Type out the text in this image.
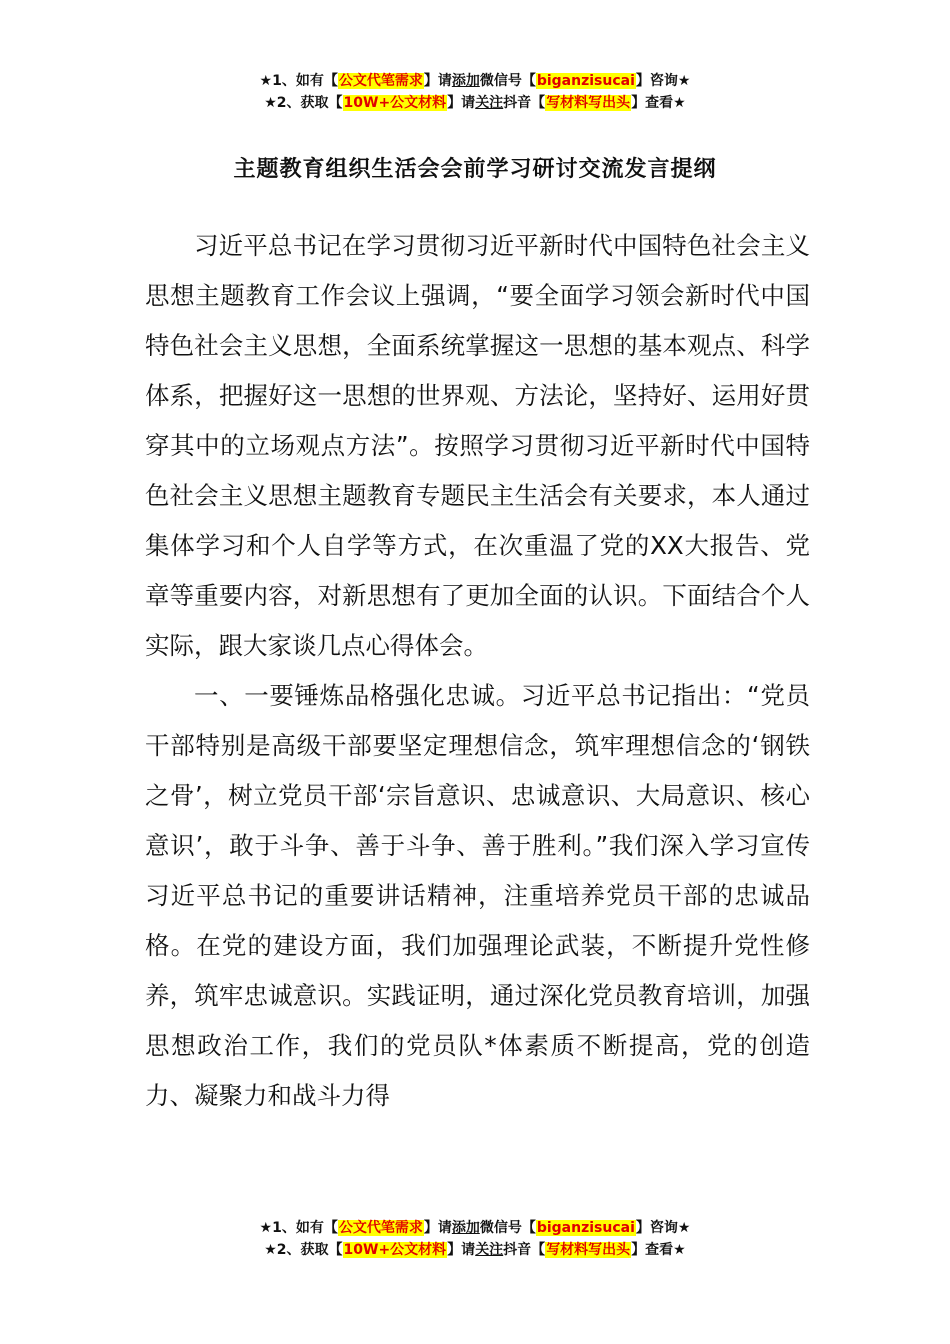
★1、如有【公文代笔需求】请添加微信号【biganzisucai】咨询★
★2、获取【10W+公文材料】请关注抖音【写材料写出头】查看★
主题教育组织生活会会前学习研讨交流发言提纲

习近平总书记在学习贯彻习近平新时代中国特色社会主义思想主题教育工作会议上强调，“要全面学习领会新时代中国特色社会主义思想，全面系统掌握这一思想的基本观点、科学体系，把握好这一思想的世界观、方法论，坚持好、运用好贯穿其中的立场观点方法”。按照学习贯彻习近平新时代中国特色社会主义思想主题教育专题民主生活会有关要求，本人通过集体学习和个人自学等方式，在次重温了党的XX大报告、党章等重要内容，对新思想有了更加全面的认识。下面结合个人实际，跟大家谈几点心得体会。

一、一要锤炼品格强化忠诚。习近平总书记指出：“党员干部特别是高级干部要坚定理想信念，筑牢理想信念的‘钢铁之骨’，树立党员干部‘宗旨意识、忠诚意识、大局意识、核心意识’，敢于斗争、善于斗争、善于胜利。”我们深入学习宣传习近平总书记的重要讲话精神，注重培养党员干部的忠诚品格。在党的建设方面，我们加强理论武装，不断提升党性修养，筑牢忠诚意识。实践证明，通过深化党员教育培训，加强思想政治工作，我们的党员队*体素质不断提高，党的创造力、凝聚力和战斗力得

★1、如有【公文代笔需求】请添加微信号【biganzisucai】咨询★
★2、获取【10W+公文材料】请关注抖音【写材料写出头】查看★
